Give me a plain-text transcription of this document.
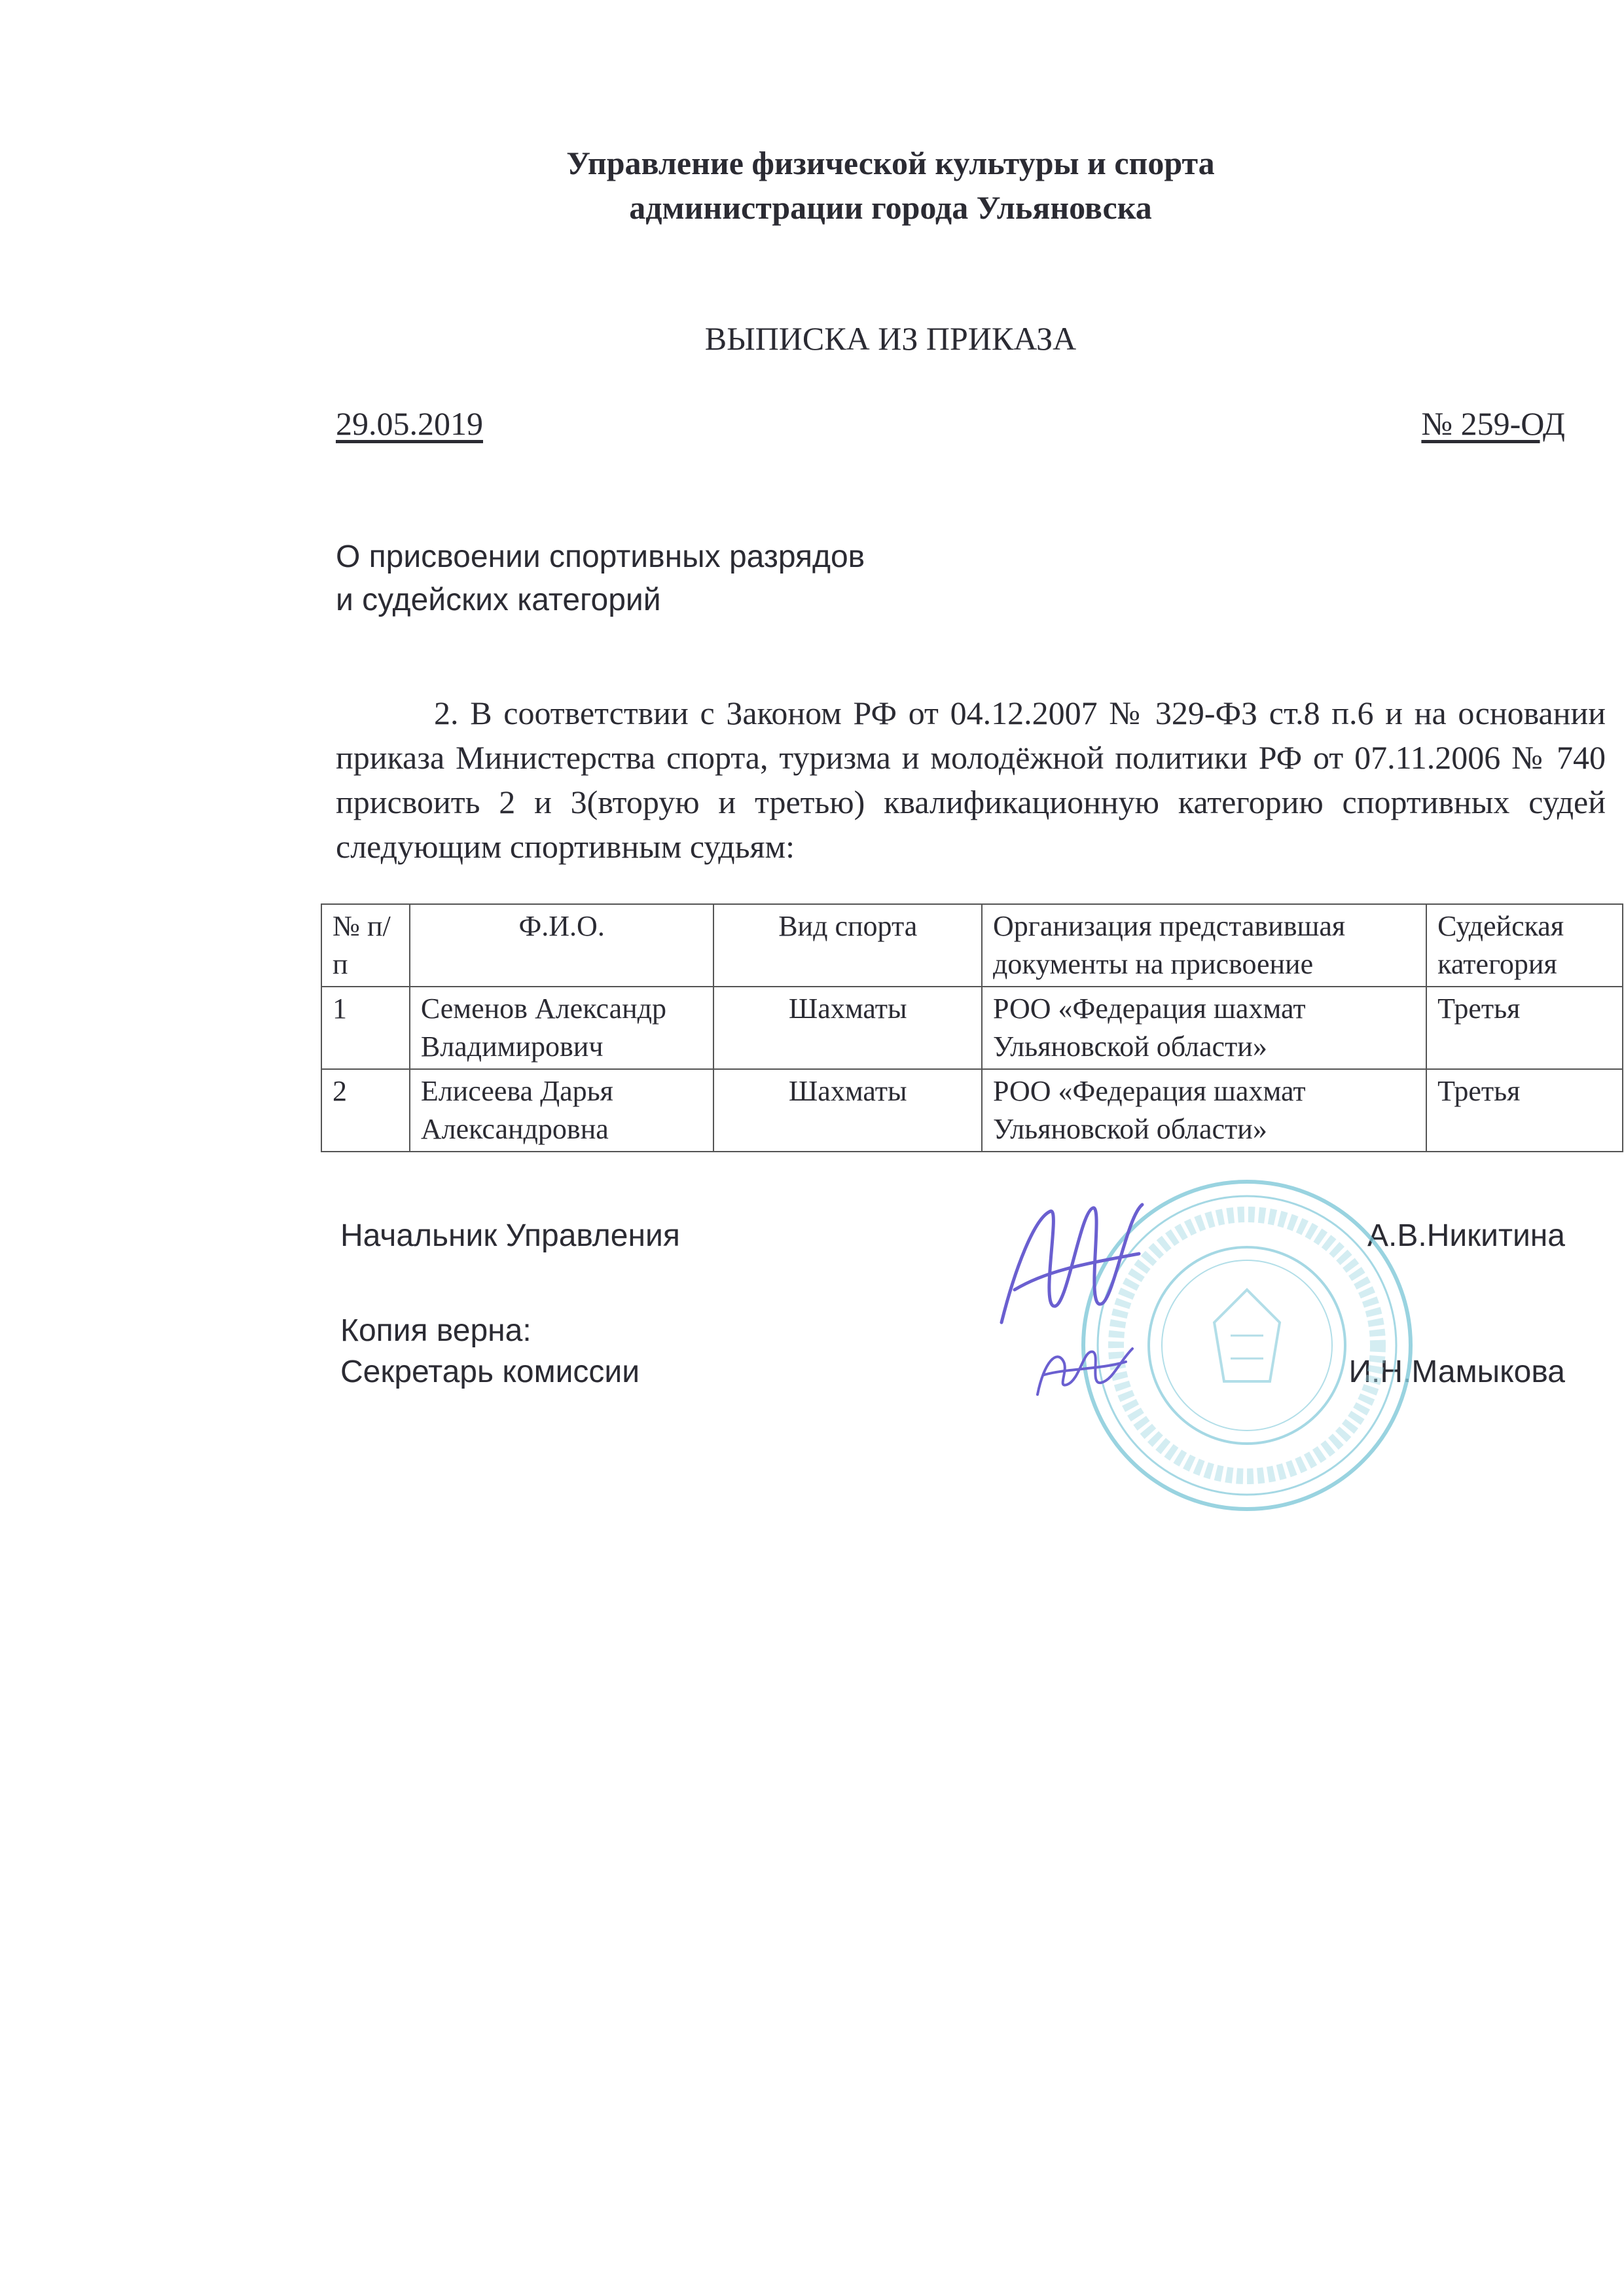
Управление физической культуры и спорта
администрации города Ульяновска
ВЫПИСКА ИЗ ПРИКАЗА
29.05.2019	№ 259-ОД
О присвоении спортивных разрядов
и судейских категорий
2. В соответствии с Законом РФ от 04.12.2007 № 329-ФЗ ст.8 п.6 и на основании приказа Министерства спорта, туризма и молодёжной политики РФ от 07.11.2006 № 740 присвоить 2 и 3(вторую и третью) квалификационную категорию спортивных судей следующим спортивным судьям:
№ п/п	Ф.И.О.	Вид спорта	Организация представившая документы на присвоение	Судейская категория
1	Семенов Александр Владимирович	Шахматы	РОО «Федерация шахмат Ульяновской области»	Третья
2	Елисеева Дарья Александровна	Шахматы	РОО «Федерация шахмат Ульяновской области»	Третья
Начальник Управления	А.В.Никитина
Копия верна:
Секретарь комиссии	И.Н.Мамыкова
